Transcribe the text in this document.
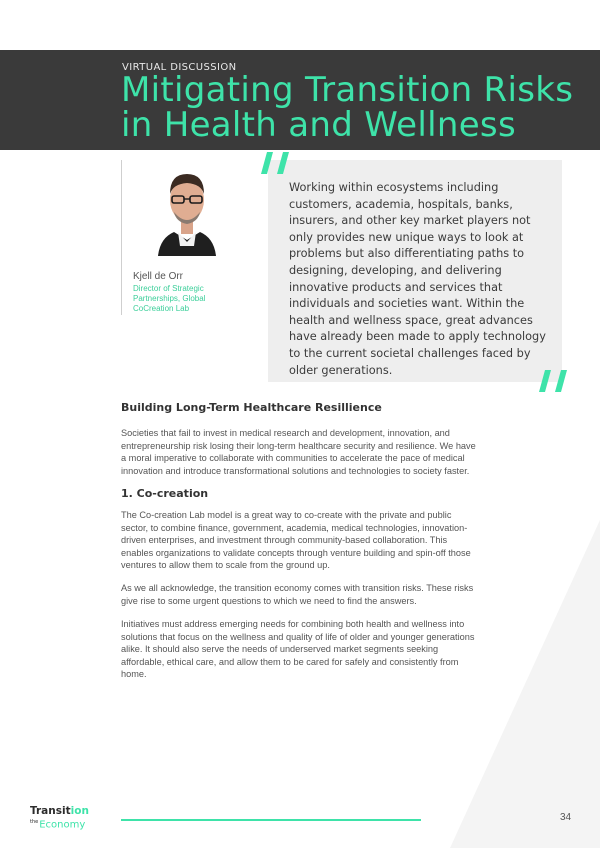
VIRTUAL DISCUSSION
Mitigating Transition Risks in Health and Wellness
Kjell de Orr
Director of Strategic Partnerships, Global CoCreation Lab
Working within ecosystems including customers, academia, hospitals, banks, insurers, and other key market players not only provides new unique ways to look at problems but also differentiating paths to designing, developing, and delivering innovative products and services that individuals and societies want. Within the health and wellness space, great advances have already been made to apply technology to the current societal challenges faced by older generations.
Building Long-Term Healthcare Resillience

Societies that fail to invest in medical research and development, innovation, and entrepreneurship risk losing their long-term healthcare security and resilience. We have a moral imperative to collaborate with communities to accelerate the pace of medical innovation and introduce transformational solutions and technologies to society faster.

1. Co-creation

The Co-creation Lab model is a great way to co-create with the private and public sector, to combine finance, government, academia, medical technologies, innovation-driven enterprises, and investment through community-based collaboration. This enables organizations to validate concepts through venture building and spin-off those ventures to allow them to scale from the ground up.

As we all acknowledge, the transition economy comes with transition risks. These risks give rise to some urgent questions to which we need to find the answers.

Initiatives must address emerging needs for combining both health and wellness into solutions that focus on the wellness and quality of life of older and younger generations alike. It should also serve the needs of underserved market segments seeking affordable, ethical care, and allow them to be cared for safely and consistently from home.

Transition
$^{the}$Economy
34
